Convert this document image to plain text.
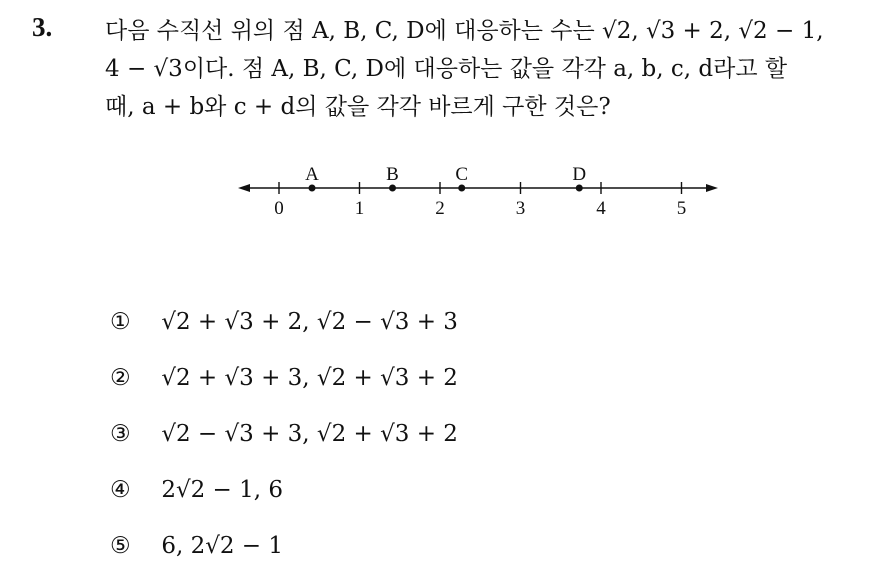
3. 다음 수직선 위의 점 A, B, C, D에 대응하는 수는 √2, √3 + 2, √2 − 1,
4 − √3이다. 점 A, B, C, D에 대응하는 값을 각각 a, b, c, d라고 할
때, a + b와 c + d의 값을 각각 바르게 구한 것은?
0	1	2	3	4	5
A	B	C	D
① √2 + √3 + 2, √2 − √3 + 3
② √2 + √3 + 3, √2 + √3 + 2
③ √2 − √3 + 3, √2 + √3 + 2
④ 2√2 − 1, 6
⑤ 6, 2√2 − 1
